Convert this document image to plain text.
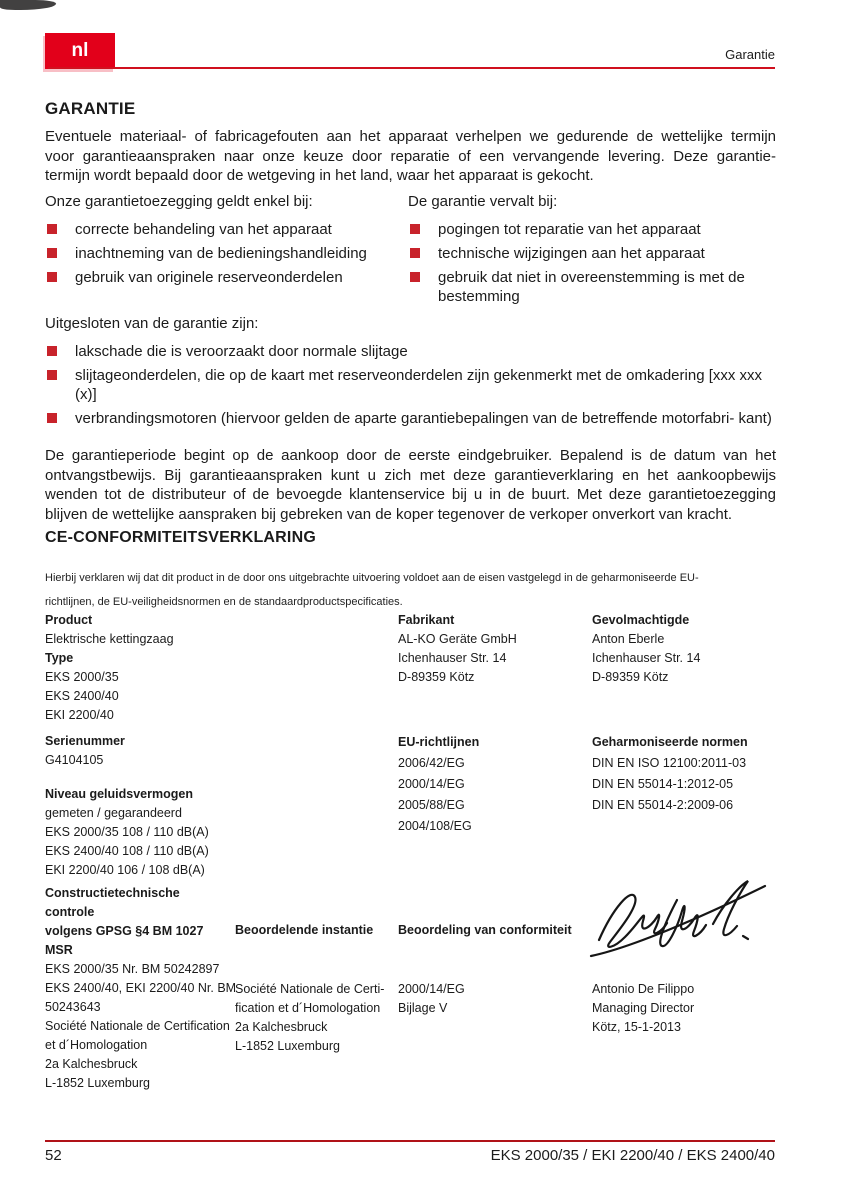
nl	Garantie
GARANTIE
Eventuele materiaal- of fabricagefouten aan het apparaat verhelpen we gedurende de wettelijke termijn
voor garantieaanspraken naar onze keuze door reparatie of een vervangende levering. Deze garantie-
termijn wordt bepaald door de wetgeving in het land, waar het apparaat is gekocht.
Onze garantietoezegging geldt enkel bij:
correcte behandeling van het apparaat
inachtneming van de bedieningshandleiding
gebruik van originele reserveonderdelen
De garantie vervalt bij:
pogingen tot reparatie van het apparaat
technische wijzigingen aan het apparaat
gebruik dat niet in overeenstemming is met de bestemming
Uitgesloten van de garantie zijn:
lakschade die is veroorzaakt door normale slijtage
slijtageonderdelen, die op de kaart met reserveonderdelen zijn gekenmerkt met de omkadering [xxx xxx (x)]
verbrandingsmotoren (hiervoor gelden de aparte garantiebepalingen van de betreffende motorfabri- kant)
De garantieperiode begint op de aankoop door de eerste eindgebruiker. Bepalend is de datum van het
ontvangstbewijs. Bij garantieaanspraken kunt u zich met deze garantieverklaring en het aankoopbewijs
wenden tot de distributeur of de bevoegde klantenservice bij u in de buurt. Met deze garantietoezegging
blijven de wettelijke aanspraken bij gebreken van de koper tegenover de verkoper onverkort van kracht.
CE-CONFORMITEITSVERKLARING
Hierbij verklaren wij dat dit product in de door ons uitgebrachte uitvoering voldoet aan de eisen vastgelegd in de geharmoniseerde EU-
richtlijnen, de EU-veiligheidsnormen en de standaardproductspecificaties.
Product
Elektrische kettingzaag
Type
EKS 2000/35
EKS 2400/40
EKI 2200/40
Fabrikant
AL-KO Geräte GmbH
Ichenhauser Str. 14
D-89359 Kötz
Gevolmachtigde
Anton Eberle
Ichenhauser Str. 14
D-89359 Kötz
Serienummer
G4104105
Niveau geluidsvermogen
gemeten / gegarandeerd
EKS 2000/35 108 / 110 dB(A)
EKS 2400/40 108 / 110 dB(A)
EKI 2200/40 106 / 108 dB(A)
EU-richtlijnen
2006/42/EG
2000/14/EG
2005/88/EG
2004/108/EG
Geharmoniseerde normen
DIN EN ISO 12100:2011-03
DIN EN 55014-1:2012-05
DIN EN 55014-2:2009-06
Constructietechnische controle
volgens GPSG §4 BM 1027 MSR
EKS 2000/35 Nr. BM 50242897
EKS 2400/40, EKI 2200/40 Nr. BM
50243643
Société Nationale de Certification
et d´Homologation
2a Kalchesbruck
L-1852 Luxemburg
Beoordelende instantie Beoordeling van conformiteit
Société Nationale de Certi-
fication et d´Homologation
2a Kalchesbruck
L-1852 Luxemburg
2000/14/EG
Bijlage V
Antonio De Filippo
Managing Director
Kötz, 15-1-2013
52	EKS 2000/35 / EKI 2200/40 / EKS 2400/40
